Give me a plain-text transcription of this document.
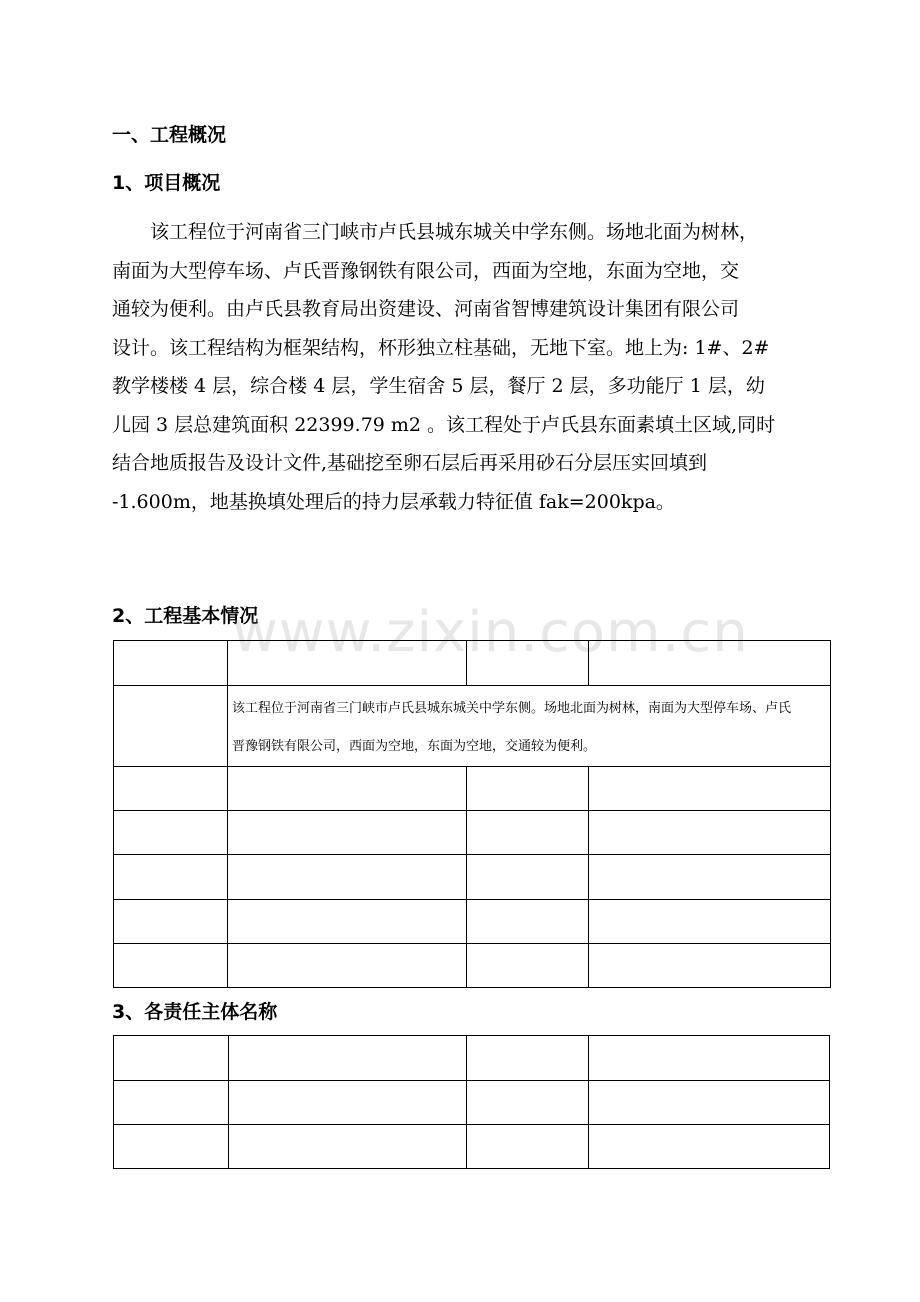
一、工程概况
1、项目概况
　　该工程位于河南省三门峡市卢氏县城东城关中学东侧。场地北面为树林，
南面为大型停车场、卢氏晋豫钢铁有限公司，西面为空地，东面为空地，交
通较为便利。由卢氏县教育局出资建设、河南省智博建筑设计集团有限公司
设计。该工程结构为框架结构，杯形独立柱基础，无地下室。地上为: 1#、2#
教学楼楼 4 层，综合楼 4 层，学生宿舍 5 层，餐厅 2 层，多功能厅 1 层，幼
儿园 3 层总建筑面积 22399.79 m2 。该工程处于卢氏县东面素填土区域,同时
结合地质报告及设计文件,基础挖至卵石层后再采用砂石分层压实回填到
-1.600m，地基换填处理后的持力层承载力特征值 fak=200kpa。
2、工程基本情况
www.zixin.com.cn

	该工程位于河南省三门峡市卢氏县城东城关中学东侧。场地北面为树林，南面为大型停车场、卢氏
晋豫钢铁有限公司，西面为空地，东面为空地，交通较为便利。		

3、各责任主体名称
